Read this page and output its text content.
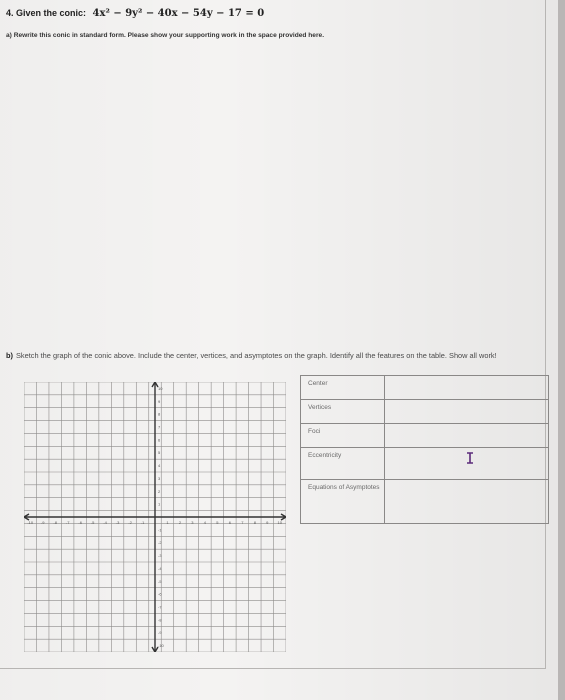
4. Given the conic: 4x² − 9y² − 40x − 54y − 17 = 0
a) Rewrite this conic in standard form. Please show your supporting work in the space provided here.
b) Sketch the graph of the conic above. Include the center, vertices, and asymptotes on the graph. Identify all the features on the table. Show all work!
-10 -9 -8 -7 -6 -5 -4 -3 -2 -1	1	2	3	4	5	6	7	8	9 10
10
9
8
7
6
5
4
3
2
1
-1
-2
-3
-4
-5
-6
-7
-8
-9
-10
Center	
Vertices	
Foci	
Eccentricity	

Equations of Asymptotes	
